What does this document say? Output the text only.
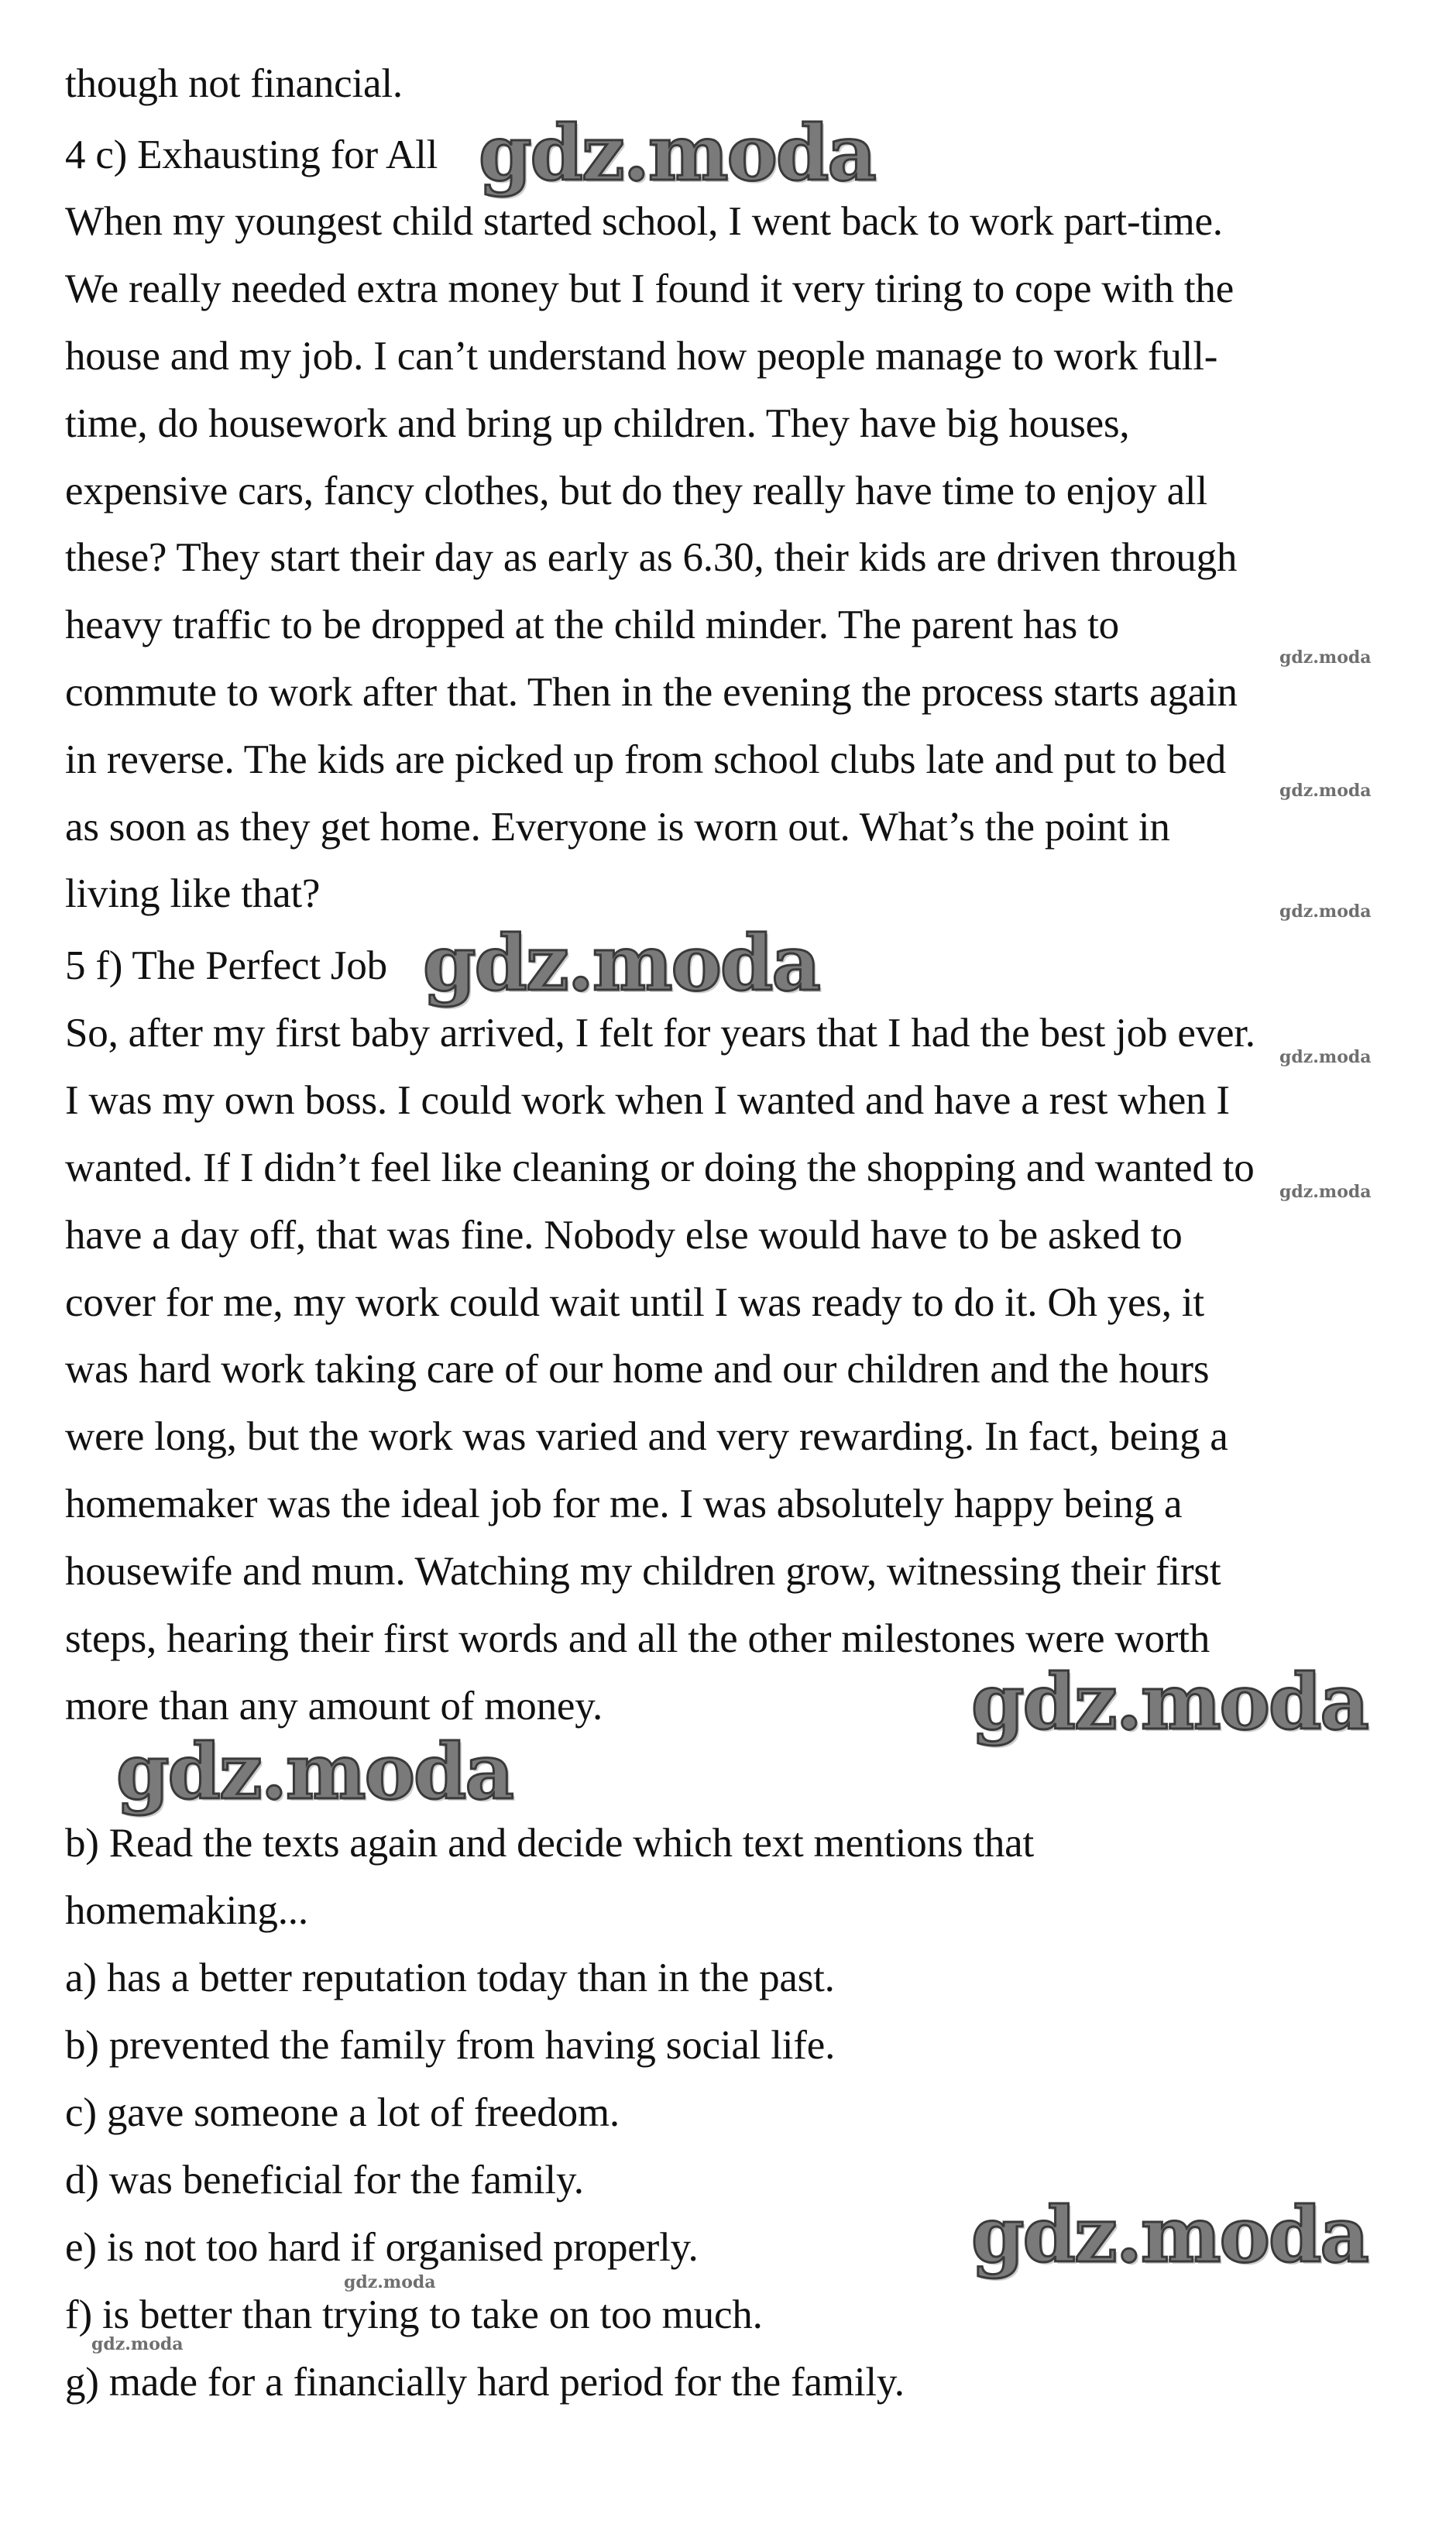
though not financial.
4 c) Exhausting for All
When my youngest child started school, I went back to work part-time.
We really needed extra money but I found it very tiring to cope with the
house and my job. I can’t understand how people manage to work full-
time, do housework and bring up children. They have big houses,
expensive cars, fancy clothes, but do they really have time to enjoy all
these? They start their day as early as 6.30, their kids are driven through
heavy traffic to be dropped at the child minder. The parent has to
commute to work after that. Then in the evening the process starts again
in reverse. The kids are picked up from school clubs late and put to bed
as soon as they get home. Everyone is worn out. What’s the point in
living like that?
5 f) The Perfect Job
So, after my first baby arrived, I felt for years that I had the best job ever.
I was my own boss. I could work when I wanted and have a rest when I
wanted. If I didn’t feel like cleaning or doing the shopping and wanted to
have a day off, that was fine. Nobody else would have to be asked to
cover for me, my work could wait until I was ready to do it. Oh yes, it
was hard work taking care of our home and our children and the hours
were long, but the work was varied and very rewarding. In fact, being a
homemaker was the ideal job for me. I was absolutely happy being a
housewife and mum. Watching my children grow, witnessing their first
steps, hearing their first words and all the other milestones were worth
more than any amount of money.
b) Read the texts again and decide which text mentions that
homemaking...
a) has a better reputation today than in the past.
b) prevented the family from having social life.
c) gave someone a lot of freedom.
d) was beneficial for the family.
e) is not too hard if organised properly.
f) is better than trying to take on too much.
g) made for a financially hard period for the family.
gdz.moda
gdz.moda
gdz.moda
gdz.moda
gdz.moda
gdz.moda
gdz.moda
gdz.moda
gdz.moda
gdz.moda
gdz.moda
gdz.moda
